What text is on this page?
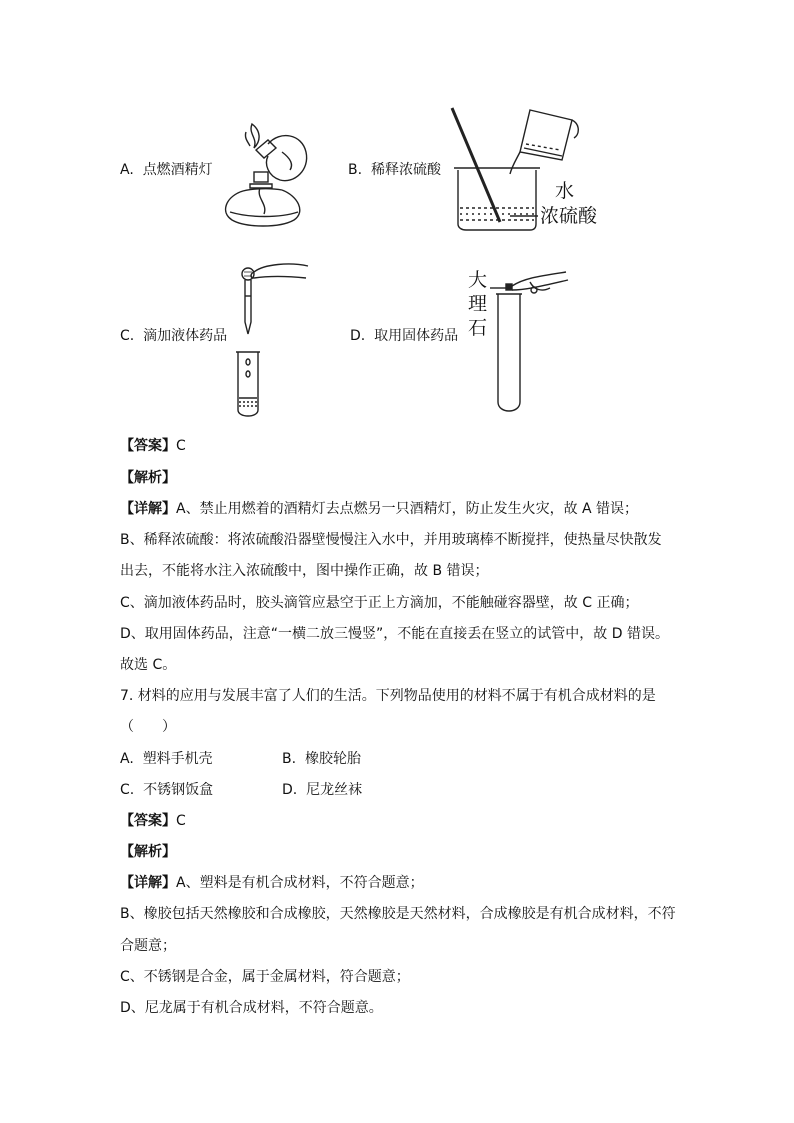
A. 点燃酒精灯	B. 稀释浓硫酸
水
浓硫酸
C. 滴加液体药品	D. 取用固体药品
大
理
石
【答案】C
【解析】
【详解】A、禁止用燃着的酒精灯去点燃另一只酒精灯，防止发生火灾，故 A 错误；
B、稀释浓硫酸：将浓硫酸沿器壁慢慢注入水中，并用玻璃棒不断搅拌，使热量尽快散发
出去，不能将水注入浓硫酸中，图中操作正确，故 B 错误；
C、滴加液体药品时，胶头滴管应悬空于正上方滴加，不能触碰容器壁，故 C 正确；
D、取用固体药品，注意“一横二放三慢竖”，不能在直接丢在竖立的试管中，故 D 错误。
故选 C。
7. 材料的应用与发展丰富了人们的生活。下列物品使用的材料不属于有机合成材料的是
（　　）
A. 塑料手机壳	B. 橡胶轮胎
C. 不锈钢饭盒	D. 尼龙丝袜
【答案】C
【解析】
【详解】A、塑料是有机合成材料，不符合题意；
B、橡胶包括天然橡胶和合成橡胶，天然橡胶是天然材料，合成橡胶是有机合成材料，不符
合题意；
C、不锈钢是合金，属于金属材料，符合题意；
D、尼龙属于有机合成材料，不符合题意。
